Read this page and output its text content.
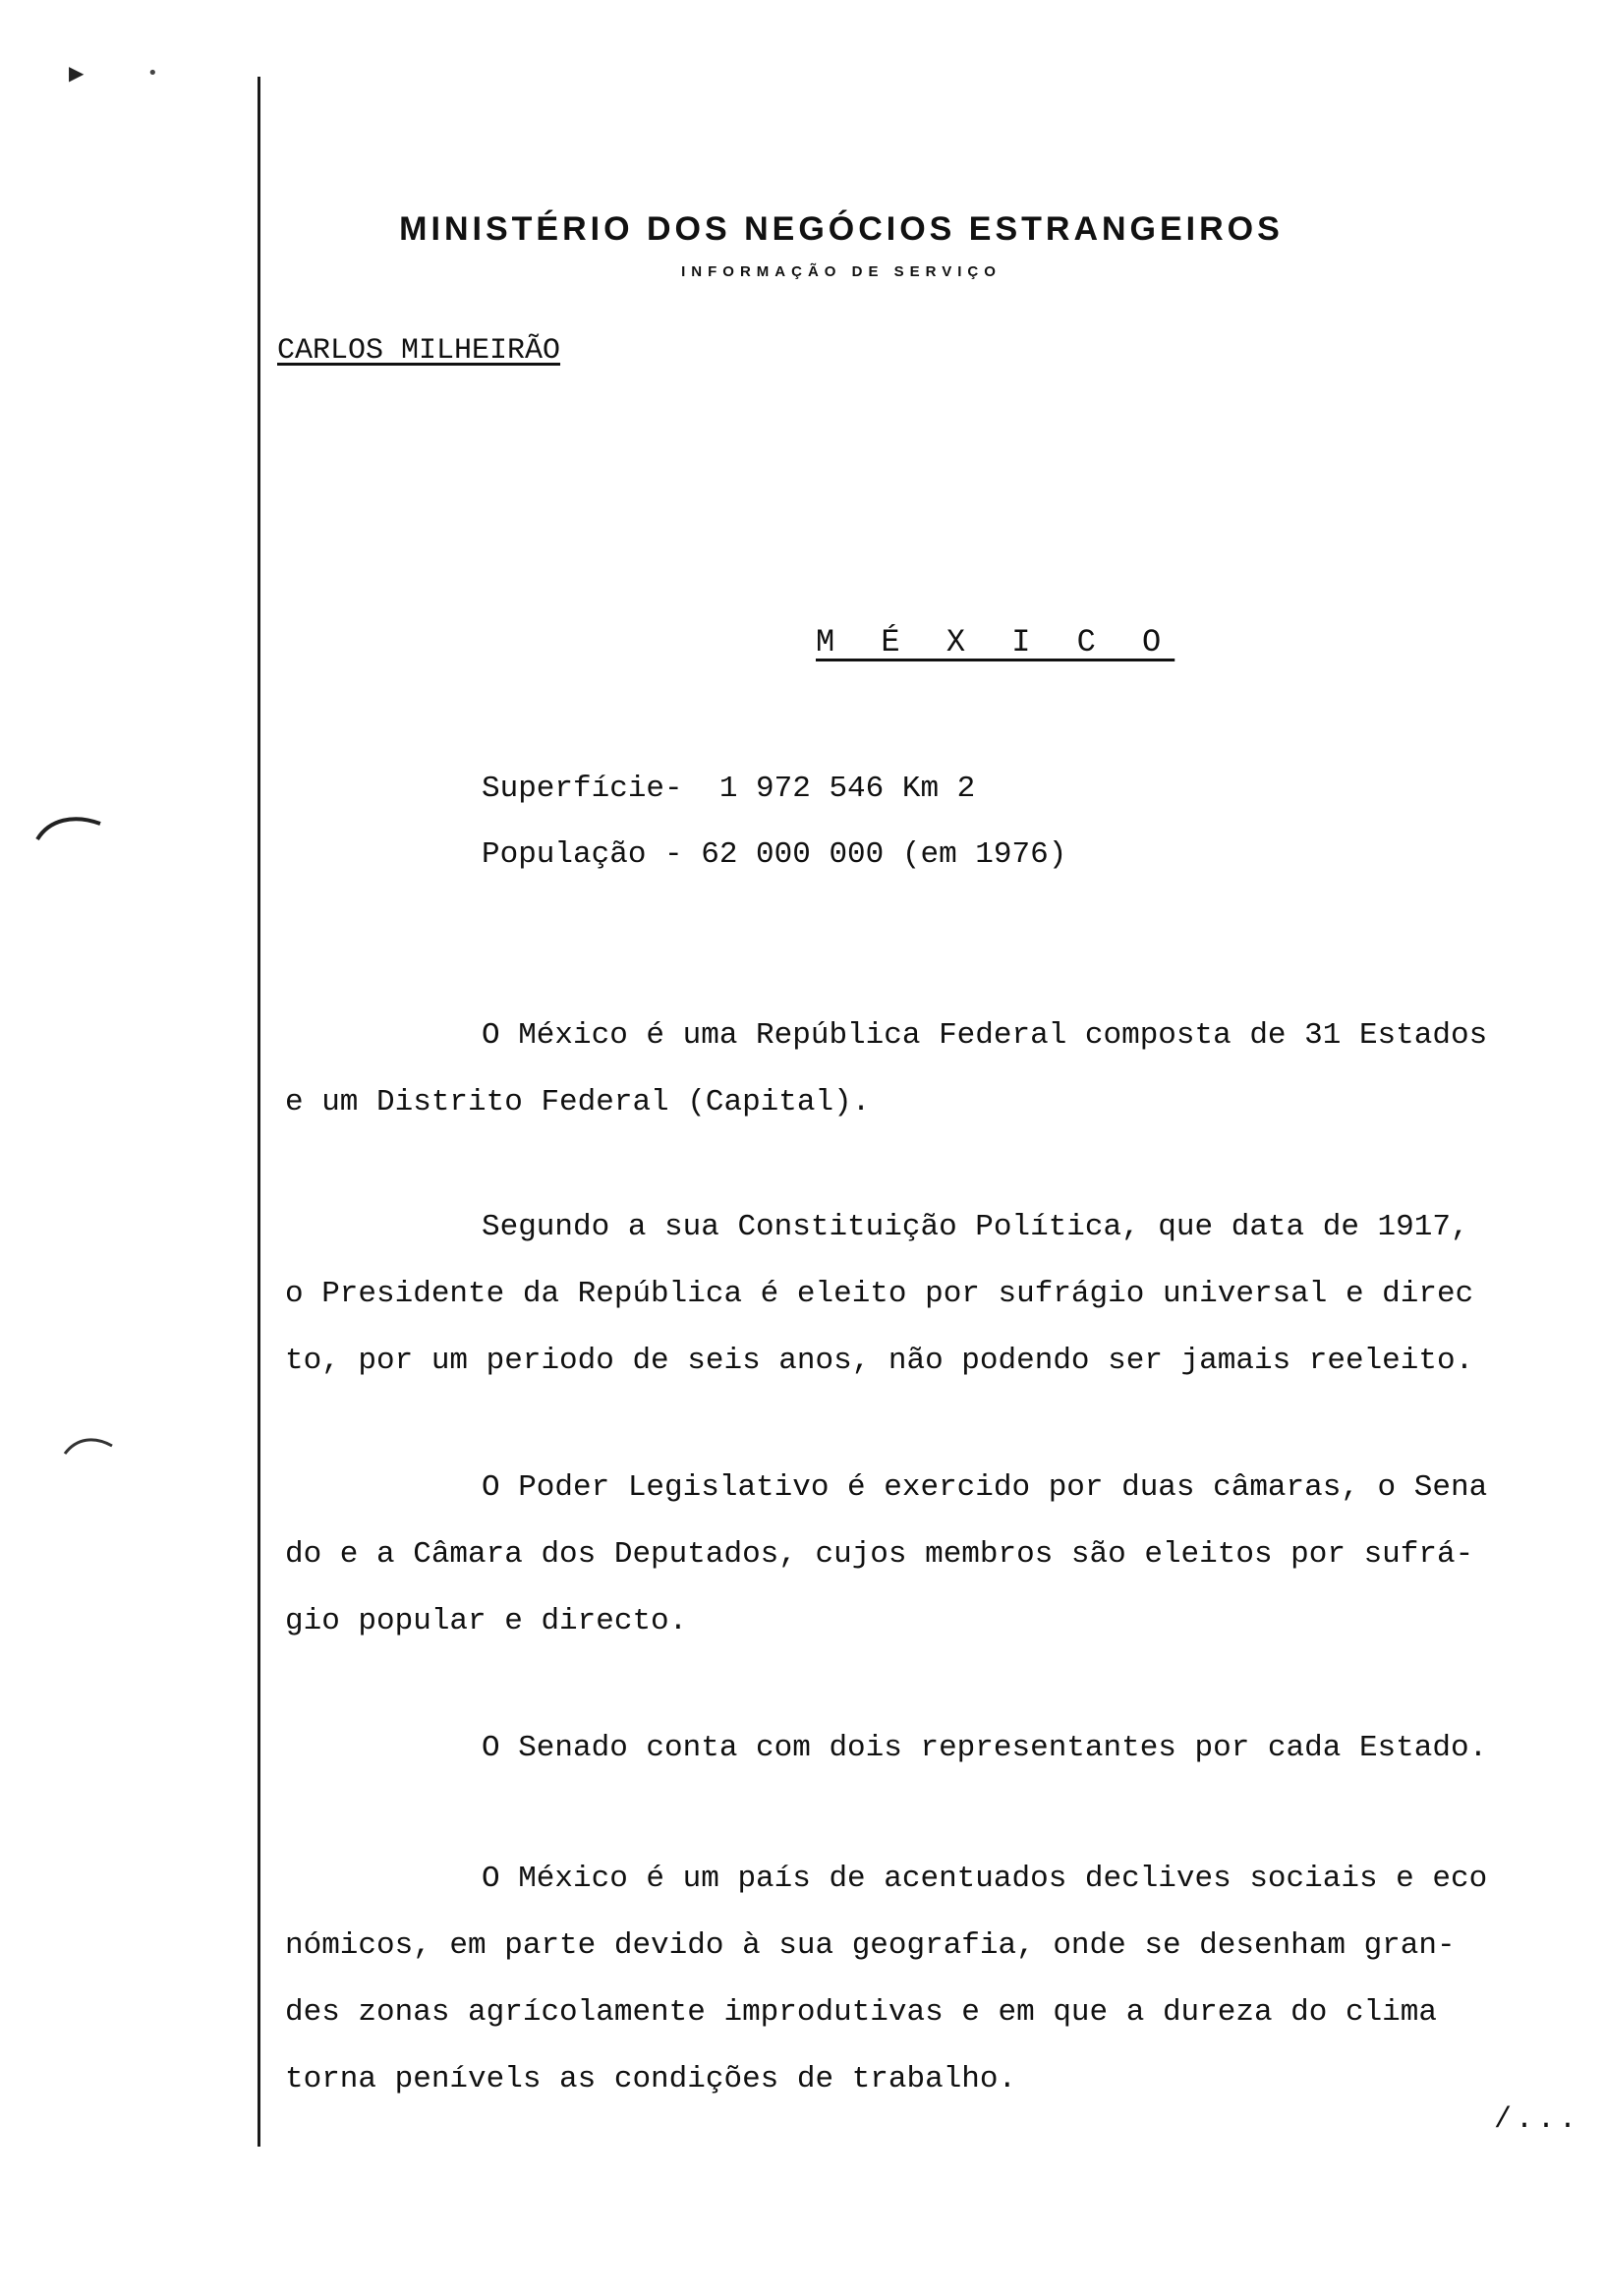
▶	•
MINISTÉRIO DOS NEGÓCIOS ESTRANGEIROS
INFORMAÇÃO DE SERVIÇO
CARLOS MILHEIRÃO
M É X I C O
Superfície-  1 972 546 Km 2
População - 62 000 000 (em 1976)
O México é uma República Federal composta de 31 Estados
e um Distrito Federal (Capital).
Segundo a sua Constituição Política, que data de 1917,
o Presidente da República é eleito por sufrágio universal e direc
to, por um periodo de seis anos, não podendo ser jamais reeleito.
O Poder Legislativo é exercido por duas câmaras, o Sena
do e a Câmara dos Deputados, cujos membros são eleitos por sufrá-
gio popular e directo.
O Senado conta com dois representantes por cada Estado.
O México é um país de acentuados declives sociais e eco
nómicos, em parte devido à sua geografia, onde se desenham gran-
des zonas agrícolamente improdutivas e em que a dureza do clima
torna penívels as condições de trabalho.
/...
